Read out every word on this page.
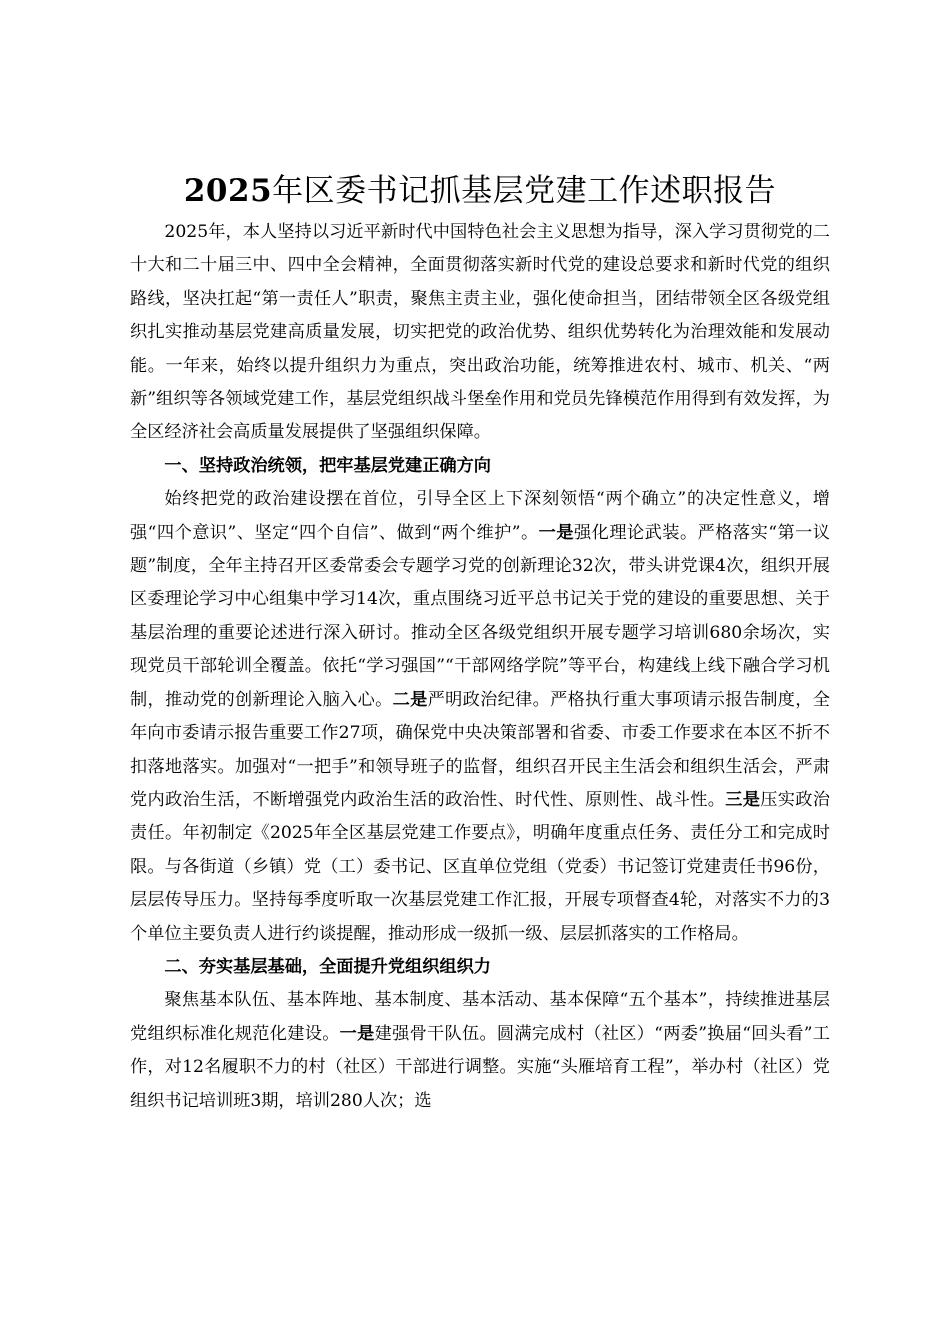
2025年区委书记抓基层党建工作述职报告

2025年，本人坚持以习近平新时代中国特色社会主义思想为指导，深入学习贯彻党的二十大和二十届三中、四中全会精神，全面贯彻落实新时代党的建设总要求和新时代党的组织路线，坚决扛起“第一责任人”职责，聚焦主责主业，强化使命担当，团结带领全区各级党组织扎实推动基层党建高质量发展，切实把党的政治优势、组织优势转化为治理效能和发展动能。一年来，始终以提升组织力为重点，突出政治功能，统筹推进农村、城市、机关、“两新”组织等各领域党建工作，基层党组织战斗堡垒作用和党员先锋模范作用得到有效发挥，为全区经济社会高质量发展提供了坚强组织保障。

一、坚持政治统领，把牢基层党建正确方向

始终把党的政治建设摆在首位，引导全区上下深刻领悟“两个确立”的决定性意义，增强“四个意识”、坚定“四个自信”、做到“两个维护”。一是强化理论武装。严格落实“第一议题”制度，全年主持召开区委常委会专题学习党的创新理论32次，带头讲党课4次，组织开展区委理论学习中心组集中学习14次，重点围绕习近平总书记关于党的建设的重要思想、关于基层治理的重要论述进行深入研讨。推动全区各级党组织开展专题学习培训680余场次，实现党员干部轮训全覆盖。依托“学习强国”“干部网络学院”等平台，构建线上线下融合学习机制，推动党的创新理论入脑入心。二是严明政治纪律。严格执行重大事项请示报告制度，全年向市委请示报告重要工作27项，确保党中央决策部署和省委、市委工作要求在本区不折不扣落地落实。加强对“一把手”和领导班子的监督，组织召开民主生活会和组织生活会，严肃党内政治生活，不断增强党内政治生活的政治性、时代性、原则性、战斗性。三是压实政治责任。年初制定《2025年全区基层党建工作要点》，明确年度重点任务、责任分工和完成时限。与各街道（乡镇）党（工）委书记、区直单位党组（党委）书记签订党建责任书96份，层层传导压力。坚持每季度听取一次基层党建工作汇报，开展专项督查4轮，对落实不力的3个单位主要负责人进行约谈提醒，推动形成一级抓一级、层层抓落实的工作格局。

二、夯实基层基础，全面提升党组织组织力

聚焦基本队伍、基本阵地、基本制度、基本活动、基本保障“五个基本”，持续推进基层党组织标准化规范化建设。一是建强骨干队伍。圆满完成村（社区）“两委”换届“回头看”工作，对12名履职不力的村（社区）干部进行调整。实施“头雁培育工程”，举办村（社区）党组织书记培训班3期，培训280人次；选
